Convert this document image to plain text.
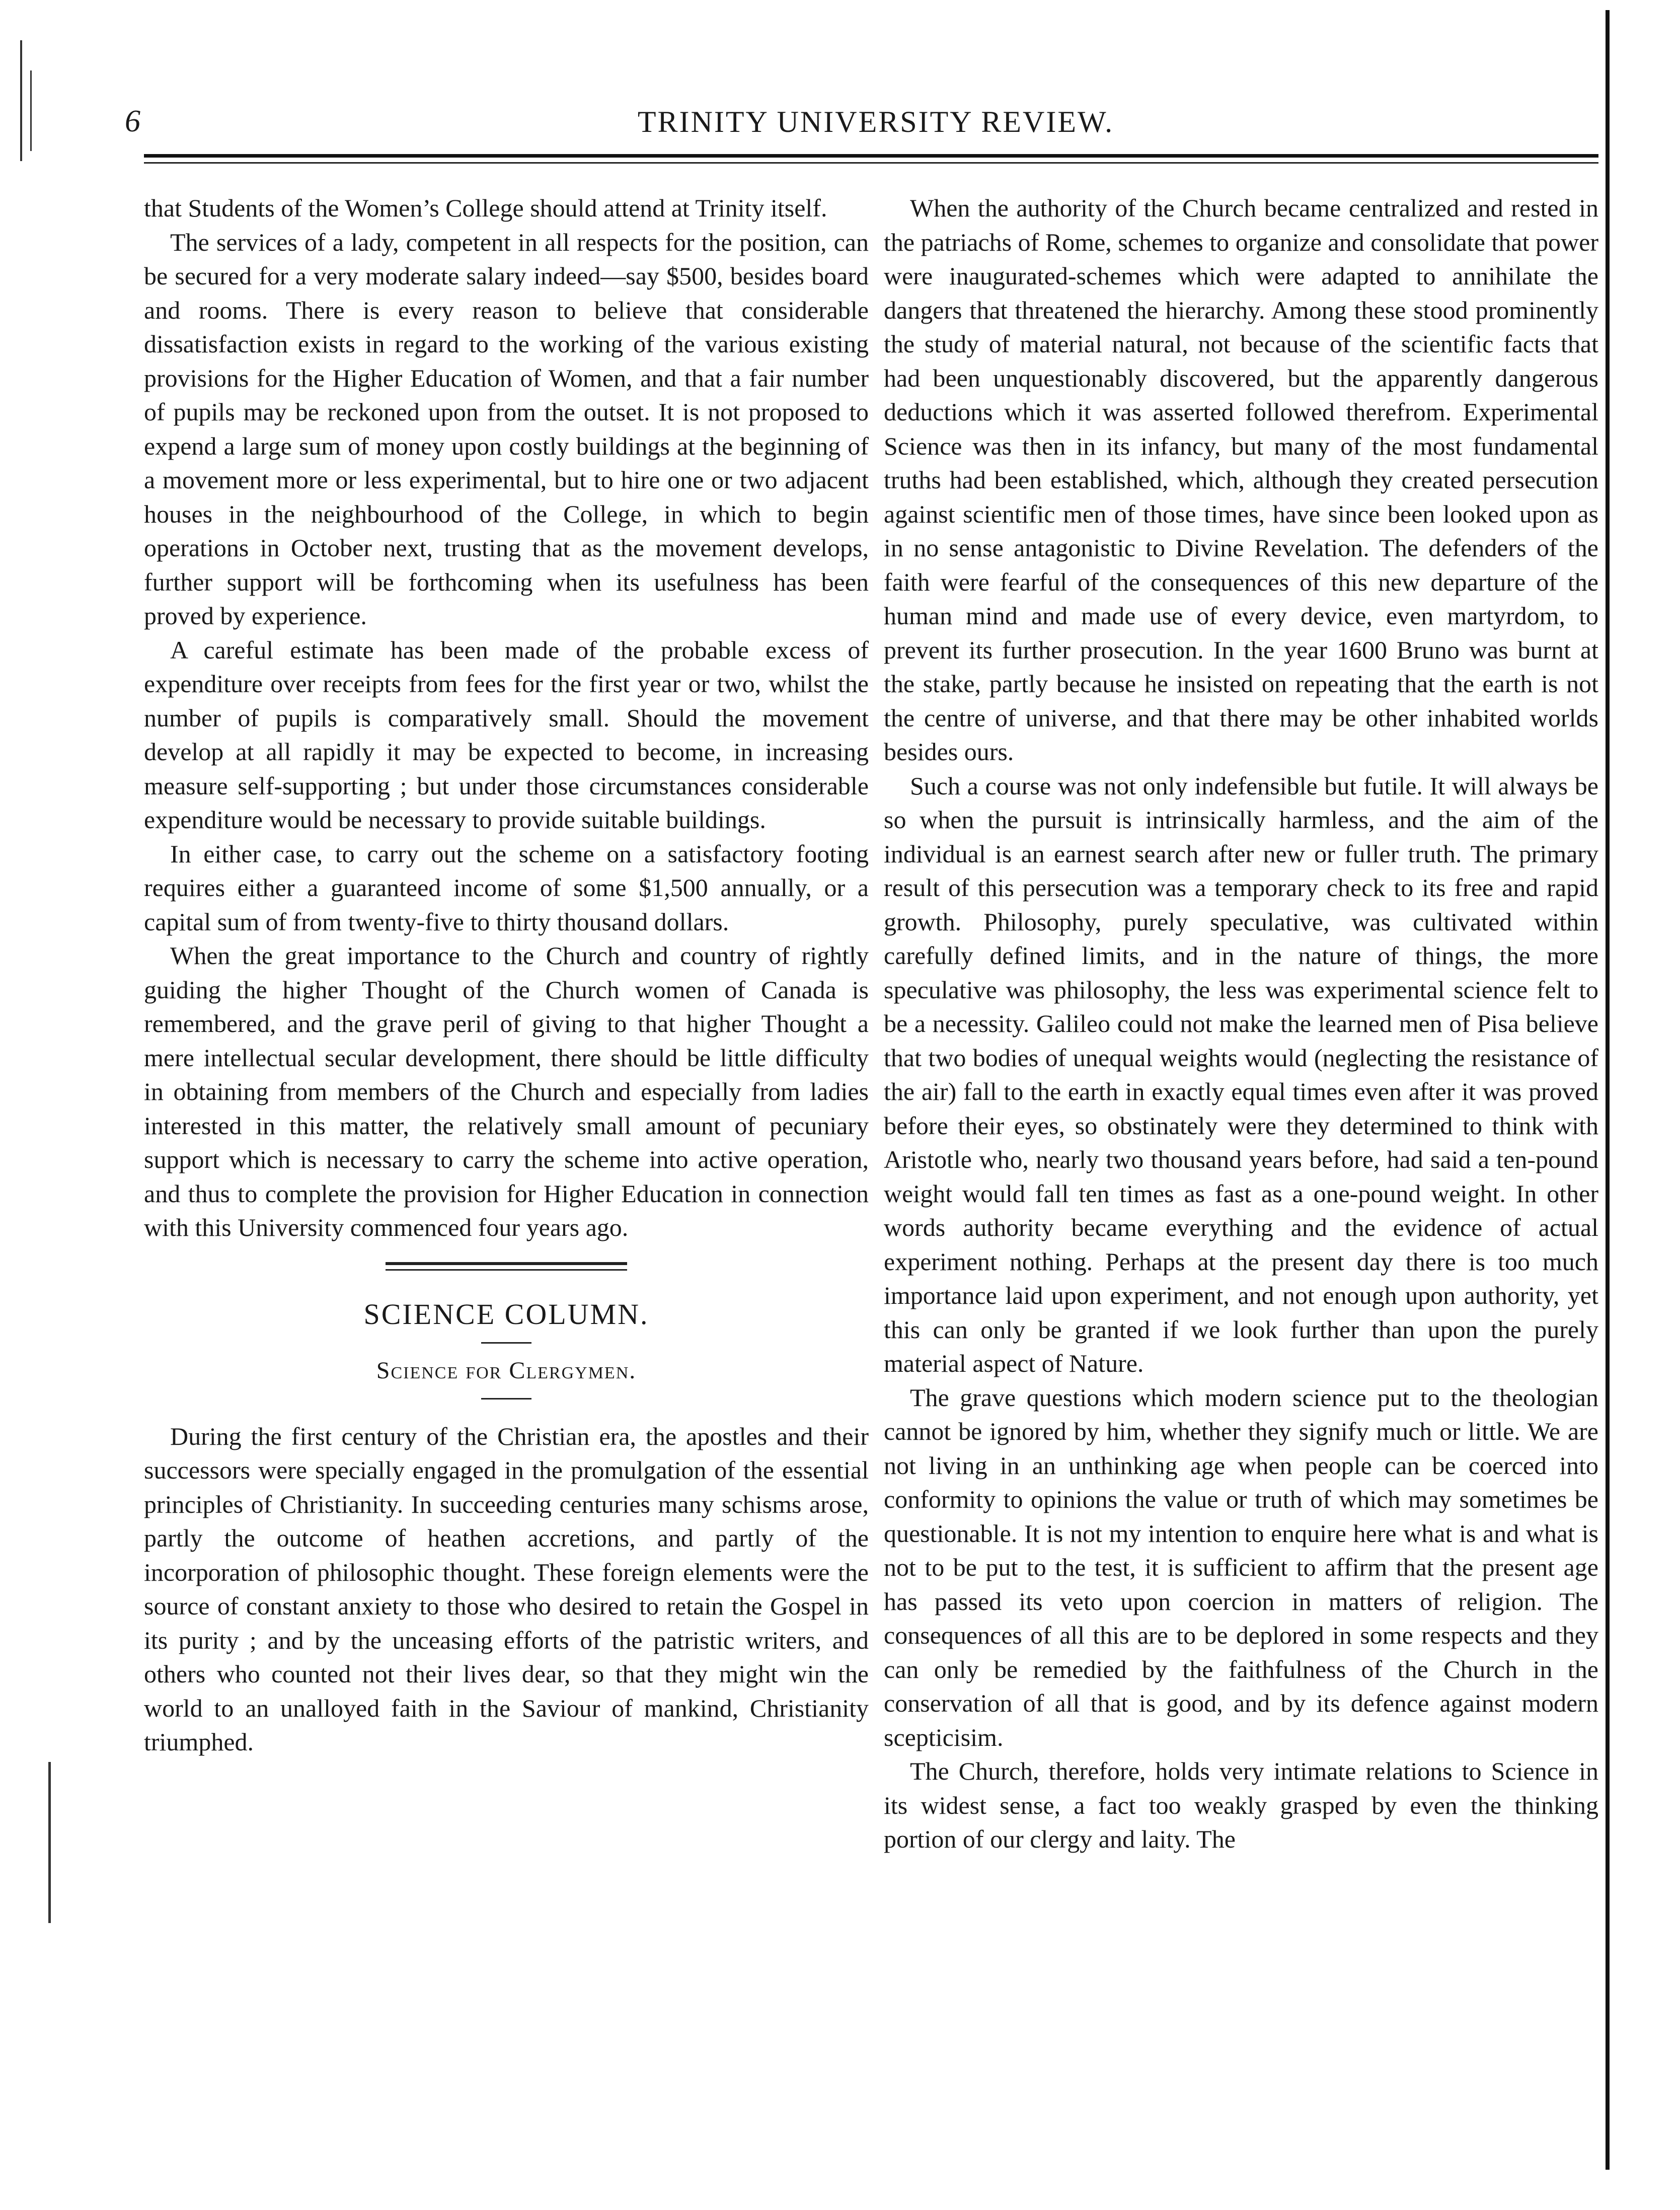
6	TRINITY UNIVERSITY REVIEW.

that Students of the Women’s College should attend at Trinity itself.

The services of a lady, competent in all respects for the position, can be secured for a very moderate salary indeed—say $500, besides board and rooms. There is every reason to believe that considerable dissatisfaction exists in regard to the working of the various existing provisions for the Higher Education of Women, and that a fair number of pupils may be reckoned upon from the outset. It is not proposed to expend a large sum of money upon costly buildings at the beginning of a movement more or less experimental, but to hire one or two adjacent houses in the neighbourhood of the College, in which to begin operations in October next, trusting that as the movement develops, further support will be forthcoming when its usefulness has been proved by experience.

A careful estimate has been made of the probable excess of expenditure over receipts from fees for the first year or two, whilst the number of pupils is comparatively small. Should the movement develop at all rapidly it may be expected to become, in increasing measure self-supporting ; but under those circumstances considerable expenditure would be necessary to provide suitable buildings.

In either case, to carry out the scheme on a satisfactory footing requires either a guaranteed income of some $1,500 annually, or a capital sum of from twenty-five to thirty thousand dollars.

When the great importance to the Church and country of rightly guiding the higher Thought of the Church women of Canada is remembered, and the grave peril of giving to that higher Thought a mere intellectual secular development, there should be little difficulty in obtaining from members of the Church and especially from ladies interested in this matter, the relatively small amount of pecuniary support which is necessary to carry the scheme into active operation, and thus to complete the provision for Higher Education in connection with this University commenced four years ago.

SCIENCE COLUMN.
Science for Clergymen.

During the first century of the Christian era, the apostles and their successors were specially engaged in the promulgation of the essential principles of Christianity. In succeeding centuries many schisms arose, partly the outcome of heathen accretions, and partly of the incorporation of philosophic thought. These foreign elements were the source of constant anxiety to those who desired to retain the Gospel in its purity ; and by the unceasing efforts of the patristic writers, and others who counted not their lives dear, so that they might win the world to an unalloyed faith in the Saviour of mankind, Christianity triumphed.

When the authority of the Church became centralized and rested in the patriachs of Rome, schemes to organize and consolidate that power were inaugurated-schemes which were adapted to annihilate the dangers that threatened the hierarchy. Among these stood prominently the study of material natural, not because of the scientific facts that had been unquestionably discovered, but the apparently dangerous deductions which it was asserted followed therefrom. Experimental Science was then in its infancy, but many of the most fundamental truths had been established, which, although they created persecution against scientific men of those times, have since been looked upon as in no sense antagonistic to Divine Revelation. The defenders of the faith were fearful of the consequences of this new departure of the human mind and made use of every device, even martyrdom, to prevent its further prosecution. In the year 1600 Bruno was burnt at the stake, partly because he insisted on repeating that the earth is not the centre of universe, and that there may be other inhabited worlds besides ours.

Such a course was not only indefensible but futile. It will always be so when the pursuit is intrinsically harmless, and the aim of the individual is an earnest search after new or fuller truth. The primary result of this persecution was a temporary check to its free and rapid growth. Philosophy, purely speculative, was cultivated within carefully defined limits, and in the nature of things, the more speculative was philosophy, the less was experimental science felt to be a necessity. Galileo could not make the learned men of Pisa believe that two bodies of unequal weights would (neglecting the resistance of the air) fall to the earth in exactly equal times even after it was proved before their eyes, so obstinately were they determined to think with Aristotle who, nearly two thousand years before, had said a ten-pound weight would fall ten times as fast as a one-pound weight. In other words authority became everything and the evidence of actual experiment nothing. Perhaps at the present day there is too much importance laid upon experiment, and not enough upon authority, yet this can only be granted if we look further than upon the purely material aspect of Nature.

The grave questions which modern science put to the theologian cannot be ignored by him, whether they signify much or little. We are not living in an unthinking age when people can be coerced into conformity to opinions the value or truth of which may sometimes be questionable. It is not my intention to enquire here what is and what is not to be put to the test, it is sufficient to affirm that the present age has passed its veto upon coercion in matters of religion. The consequences of all this are to be deplored in some respects and they can only be remedied by the faithfulness of the Church in the conservation of all that is good, and by its defence against modern scepticisim.

The Church, therefore, holds very intimate relations to Science in its widest sense, a fact too weakly grasped by even the thinking portion of our clergy and laity. The
